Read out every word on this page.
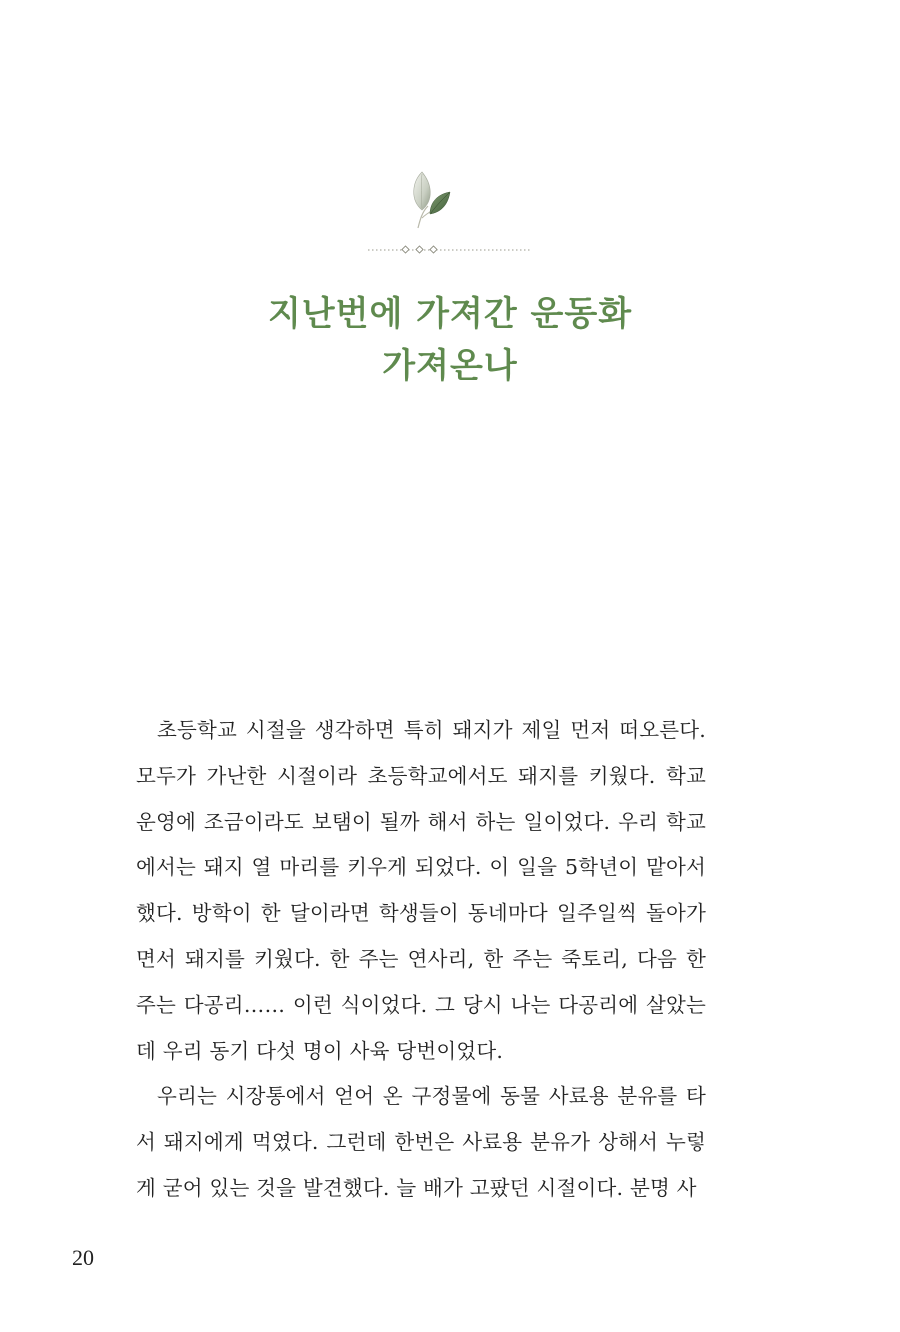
지난번에 가져간 운동화
가져온나

초등학교 시절을 생각하면 특히 돼지가 제일 먼저 떠오른다. 모두가 가난한 시절이라 초등학교에서도 돼지를 키웠다. 학교 운영에 조금이라도 보탬이 될까 해서 하는 일이었다. 우리 학교에서는 돼지 열 마리를 키우게 되었다. 이 일을 5학년이 맡아서 했다. 방학이 한 달이라면 학생들이 동네마다 일주일씩 돌아가면서 돼지를 키웠다. 한 주는 연사리, 한 주는 죽토리, 다음 한 주는 다공리…… 이런 식이었다. 그 당시 나는 다공리에 살았는데 우리 동기 다섯 명이 사육 당번이었다.

우리는 시장통에서 얻어 온 구정물에 동물 사료용 분유를 타서 돼지에게 먹였다. 그런데 한번은 사료용 분유가 상해서 누렇게 굳어 있는 것을 발견했다. 늘 배가 고팠던 시절이다. 분명 사

20
